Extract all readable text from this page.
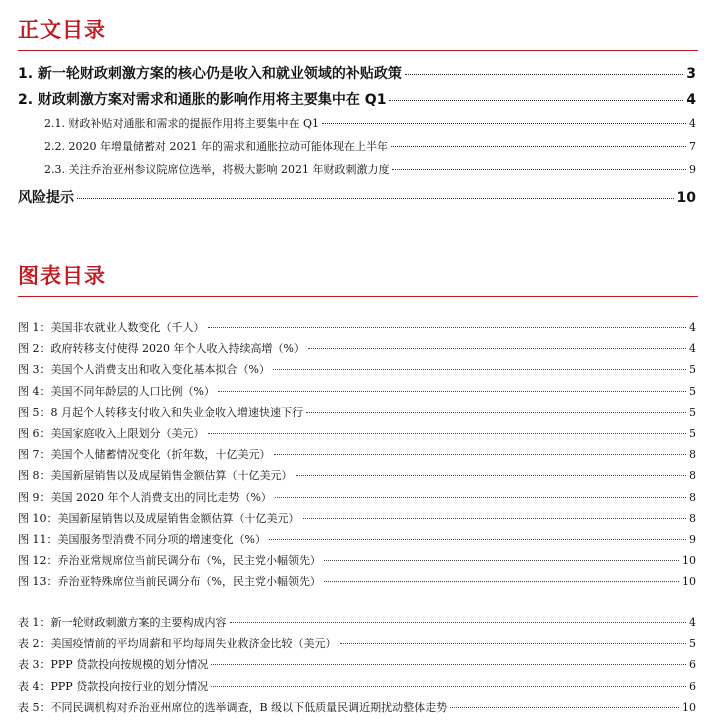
正文目录
1. 新一轮财政刺激方案的核心仍是收入和就业领域的补贴政策	3
2. 财政刺激方案对需求和通胀的影响作用将主要集中在 Q1	4
2.1. 财政补贴对通胀和需求的提振作用将主要集中在 Q1	4
2.2. 2020 年增量储蓄对 2021 年的需求和通胀拉动可能体现在上半年	7
2.3. 关注乔治亚州参议院席位选举，将极大影响 2021 年财政刺激力度	9
风险提示	10
图表目录
图 1：美国非农就业人数变化（千人）	4
图 2：政府转移支付使得 2020 年个人收入持续高增（%）	4
图 3：美国个人消费支出和收入变化基本拟合（%）	5
图 4：美国不同年龄层的人口比例（%）	5
图 5：8 月起个人转移支付收入和失业金收入增速快速下行	5
图 6：美国家庭收入上限划分（美元）	5
图 7：美国个人储蓄情况变化（折年数，十亿美元）	8
图 8：美国新屋销售以及成屋销售金额估算（十亿美元）	8
图 9：美国 2020 年个人消费支出的同比走势（%）	8
图 10：美国新屋销售以及成屋销售金额估算（十亿美元）	8
图 11：美国服务型消费不同分项的增速变化（%）	9
图 12：乔治亚常规席位当前民调分布（%，民主党小幅领先）	10
图 13：乔治亚特殊席位当前民调分布（%，民主党小幅领先）	10
表 1：新一轮财政刺激方案的主要构成内容	4
表 2：美国疫情前的平均周薪和平均每周失业救济金比较（美元）	5
表 3：PPP 贷款投向按规模的划分情况	6
表 4：PPP 贷款投向按行业的划分情况	6
表 5：不同民调机构对乔治亚州席位的选举调查，B 级以下低质量民调近期扰动整体走势	10
